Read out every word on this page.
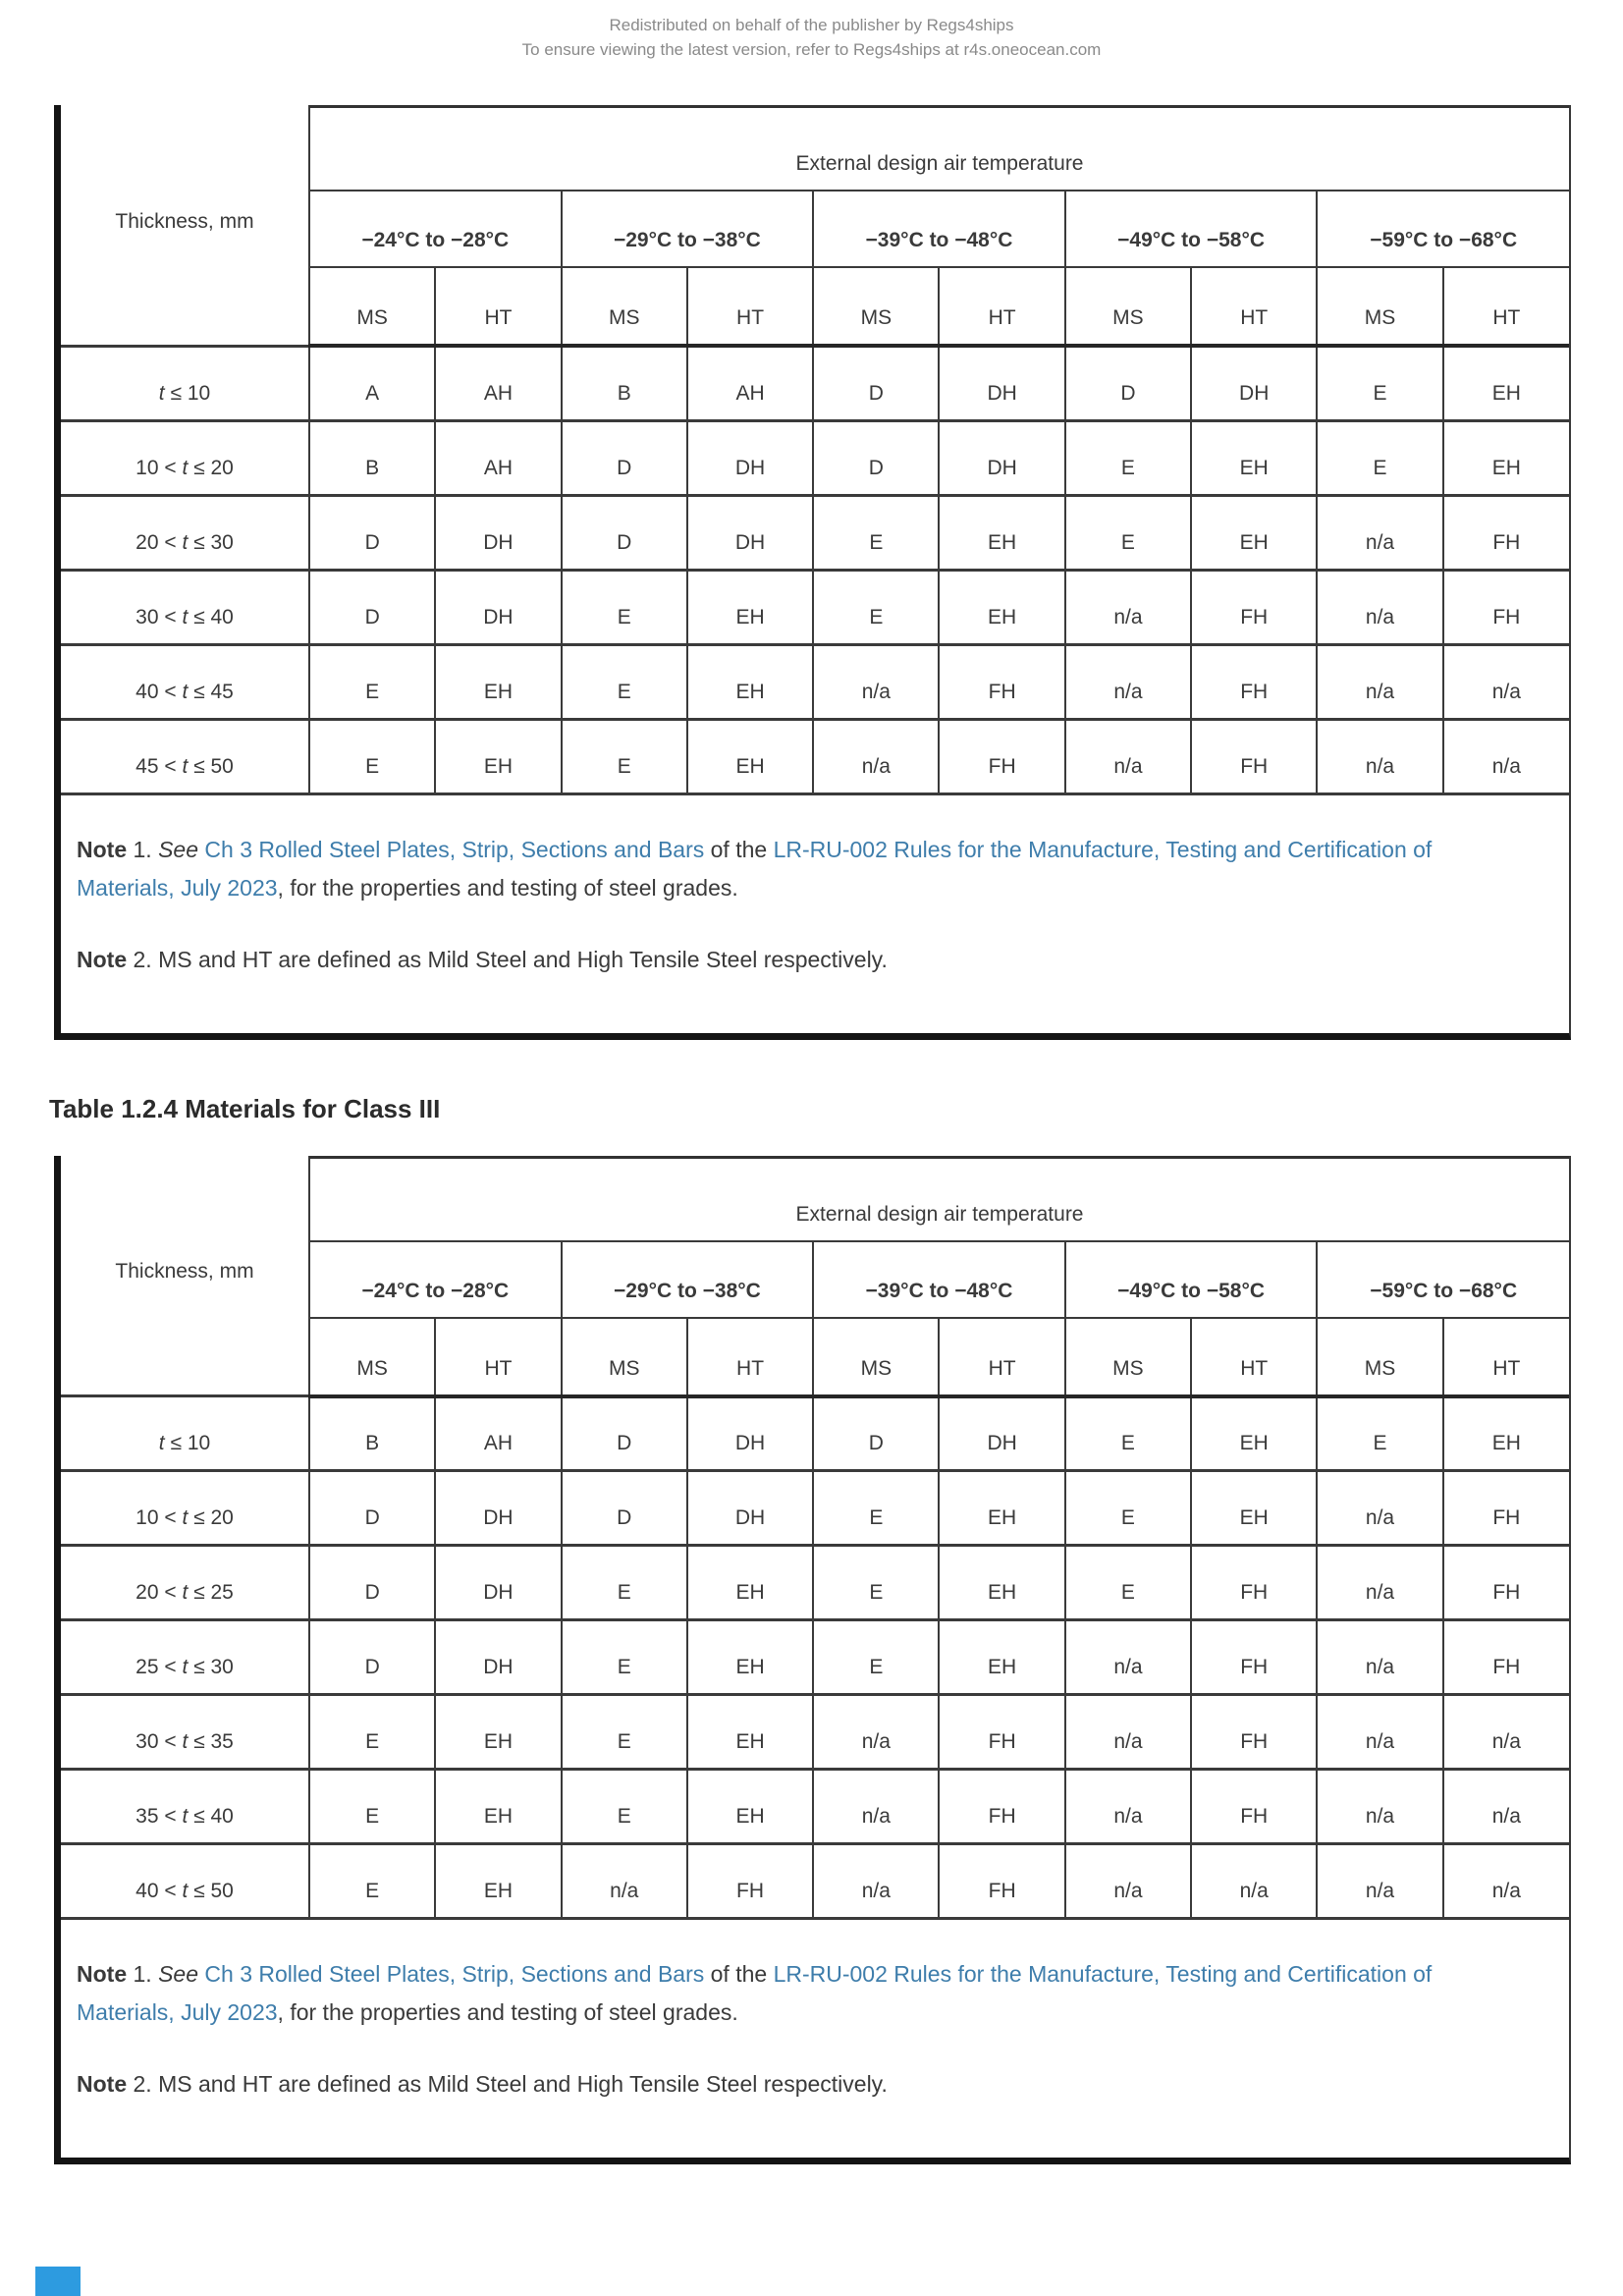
Redistributed on behalf of the publisher by Regs4ships
To ensure viewing the latest version, refer to Regs4ships at r4s.oneocean.com
Thickness, mm	External design air temperature									
	−24°C to −28°C		−29°C to −38°C		−39°C to −48°C		−49°C to −58°C		−59°C to −68°C	
	MS	HT	MS	HT	MS	HT	MS	HT	MS	HT
t ≤ 10	A	AH	B	AH	D	DH	D	DH	E	EH
10 < t ≤ 20	B	AH	D	DH	D	DH	E	EH	E	EH
20 < t ≤ 30	D	DH	D	DH	E	EH	E	EH	n/a	FH
30 < t ≤ 40	D	DH	E	EH	E	EH	n/a	FH	n/a	FH
40 < t ≤ 45	E	EH	E	EH	n/a	FH	n/a	FH	n/a	n/a
45 < t ≤ 50	E	EH	E	EH	n/a	FH	n/a	FH	n/a	n/a

Note 1. See Ch 3 Rolled Steel Plates, Strip, Sections and Bars of the LR-RU-002 Rules for the Manufacture, Testing and Certification of Materials, July 2023, for the properties and testing of steel grades.

Note 2. MS and HT are defined as Mild Steel and High Tensile Steel respectively.

Table 1.2.4 Materials for Class III
Thickness, mm	External design air temperature									
	−24°C to −28°C		−29°C to −38°C		−39°C to −48°C		−49°C to −58°C		−59°C to −68°C	
	MS	HT	MS	HT	MS	HT	MS	HT	MS	HT
t ≤ 10	B	AH	D	DH	D	DH	E	EH	E	EH
10 < t ≤ 20	D	DH	D	DH	E	EH	E	EH	n/a	FH
20 < t ≤ 25	D	DH	E	EH	E	EH	E	FH	n/a	FH
25 < t ≤ 30	D	DH	E	EH	E	EH	n/a	FH	n/a	FH
30 < t ≤ 35	E	EH	E	EH	n/a	FH	n/a	FH	n/a	n/a
35 < t ≤ 40	E	EH	E	EH	n/a	FH	n/a	FH	n/a	n/a
40 < t ≤ 50	E	EH	n/a	FH	n/a	FH	n/a	n/a	n/a	n/a

Note 1. See Ch 3 Rolled Steel Plates, Strip, Sections and Bars of the LR-RU-002 Rules for the Manufacture, Testing and Certification of Materials, July 2023, for the properties and testing of steel grades.

Note 2. MS and HT are defined as Mild Steel and High Tensile Steel respectively.
